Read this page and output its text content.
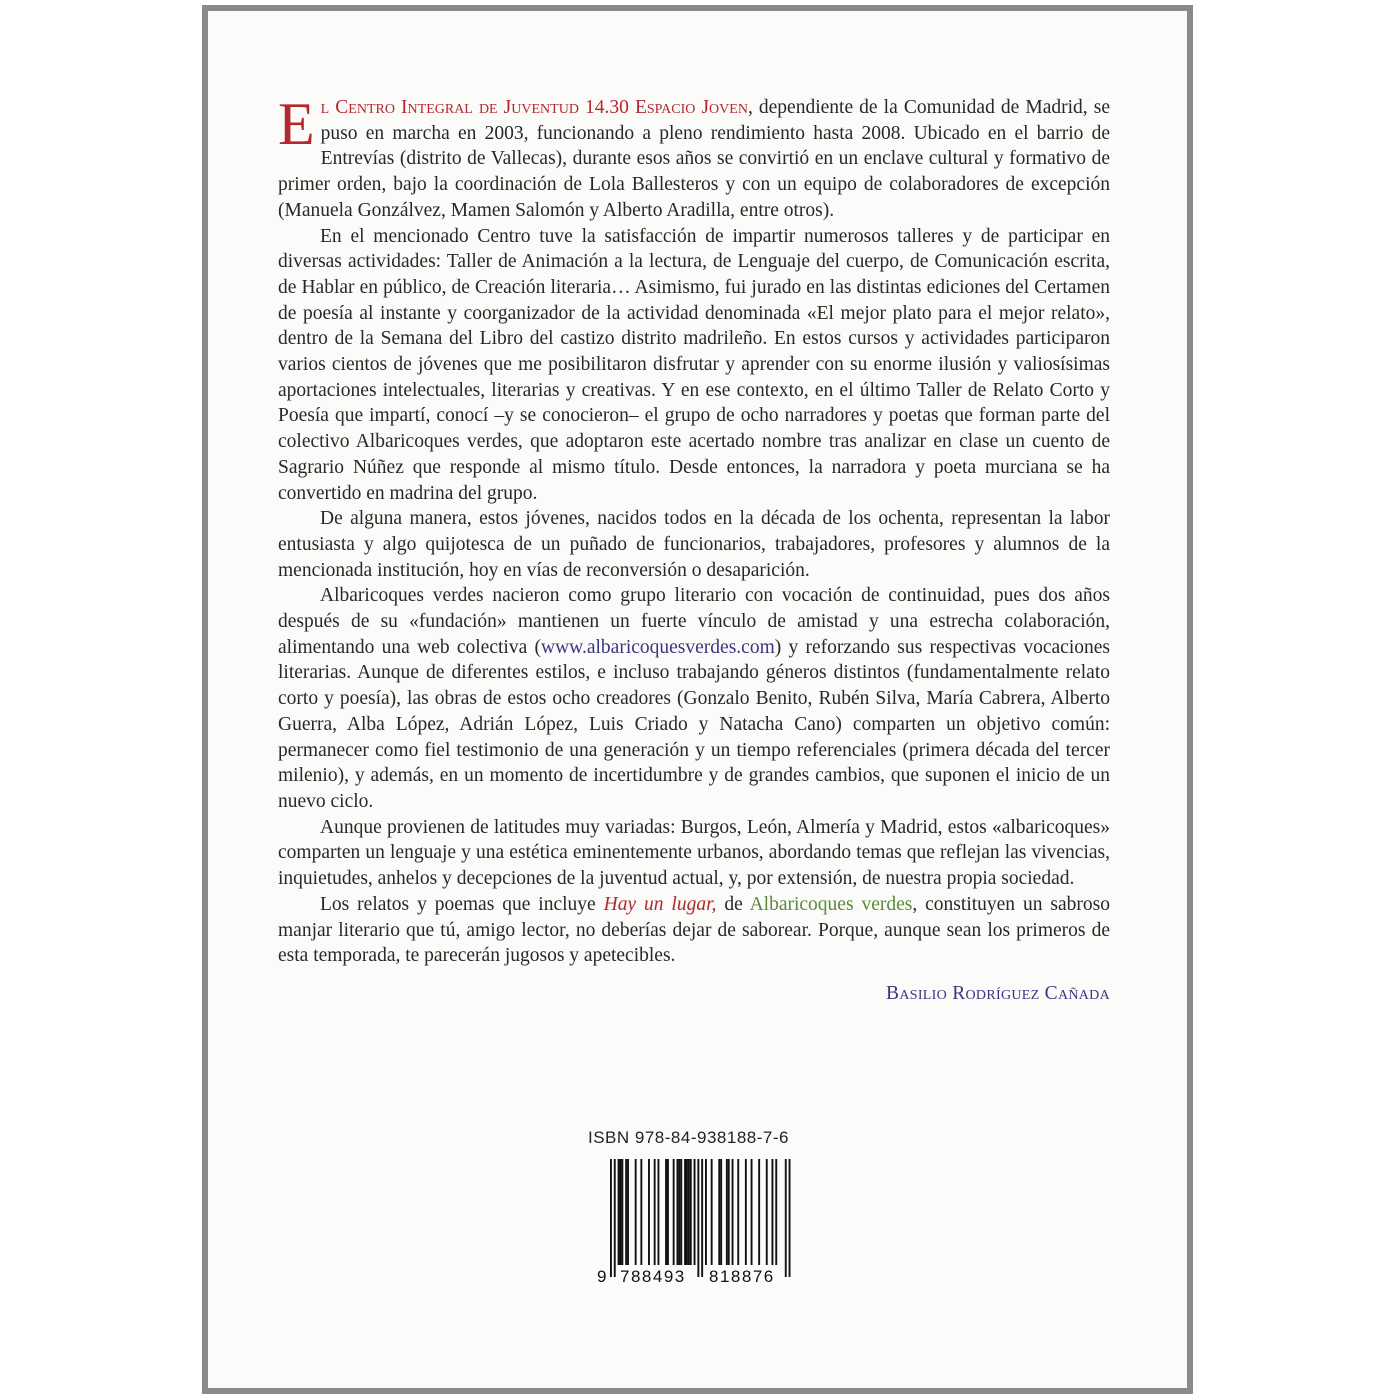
El Centro Integral de Juventud 14.30 Espacio Joven, dependiente de la Comunidad de Madrid, se puso en marcha en 2003, funcionando a pleno rendimiento hasta 2008. Ubicado en el barrio de Entrevías (distrito de Vallecas), durante esos años se convirtió en un enclave cultural y formativo de primer orden, bajo la coordinación de Lola Ballesteros y con un equipo de colaboradores de excepción (Manuela Gonzálvez, Mamen Salomón y Alberto Aradilla, entre otros).

En el mencionado Centro tuve la satisfacción de impartir numerosos talleres y de participar en diversas actividades: Taller de Animación a la lectura, de Lenguaje del cuerpo, de Comunicación escrita, de Hablar en público, de Creación literaria… Asimismo, fui jurado en las distintas ediciones del Certamen de poesía al instante y coorganizador de la actividad denominada «El mejor plato para el mejor relato», dentro de la Semana del Libro del castizo distrito madrileño. En estos cursos y actividades participaron varios cientos de jóvenes que me posibilitaron disfrutar y aprender con su enorme ilusión y valiosísimas aportaciones intelectuales, literarias y creativas. Y en ese contexto, en el último Taller de Relato Corto y Poesía que impartí, conocí –y se conocieron– el grupo de ocho narradores y poetas que forman parte del colectivo Albaricoques verdes, que adoptaron este acertado nombre tras analizar en clase un cuento de Sagrario Núñez que responde al mismo título. Desde entonces, la narradora y poeta murciana se ha convertido en madrina del grupo.

De alguna manera, estos jóvenes, nacidos todos en la década de los ochenta, representan la labor entusiasta y algo quijotesca de un puñado de funcionarios, trabajadores, profesores y alumnos de la mencionada institución, hoy en vías de reconversión o desaparición.

Albaricoques verdes nacieron como grupo literario con vocación de continuidad, pues dos años después de su «fundación» mantienen un fuerte vínculo de amistad y una estrecha colaboración, alimentando una web colectiva (www.albaricoquesverdes.com) y reforzando sus respectivas vocaciones literarias. Aunque de diferentes estilos, e incluso trabajando géneros distintos (fundamentalmente relato corto y poesía), las obras de estos ocho creadores (Gonzalo Benito, Rubén Silva, María Cabrera, Alberto Guerra, Alba López, Adrián López, Luis Criado y Natacha Cano) comparten un objetivo común: permanecer como fiel testimonio de una generación y un tiempo referenciales (primera década del tercer milenio), y además, en un momento de incertidumbre y de grandes cambios, que suponen el inicio de un nuevo ciclo.

Aunque provienen de latitudes muy variadas: Burgos, León, Almería y Madrid, estos «albaricoques» comparten un lenguaje y una estética eminentemente urbanos, abordando temas que reflejan las vivencias, inquietudes, anhelos y decepciones de la juventud actual, y, por extensión, de nuestra propia sociedad.

Los relatos y poemas que incluye Hay un lugar, de Albaricoques verdes, constituyen un sabroso manjar literario que tú, amigo lector, no deberías dejar de saborear. Porque, aunque sean los primeros de esta temporada, te parecerán jugosos y apetecibles.

Basilio Rodríguez Cañada

ISBN 978-84-938188-7-6
9 788493 818876
